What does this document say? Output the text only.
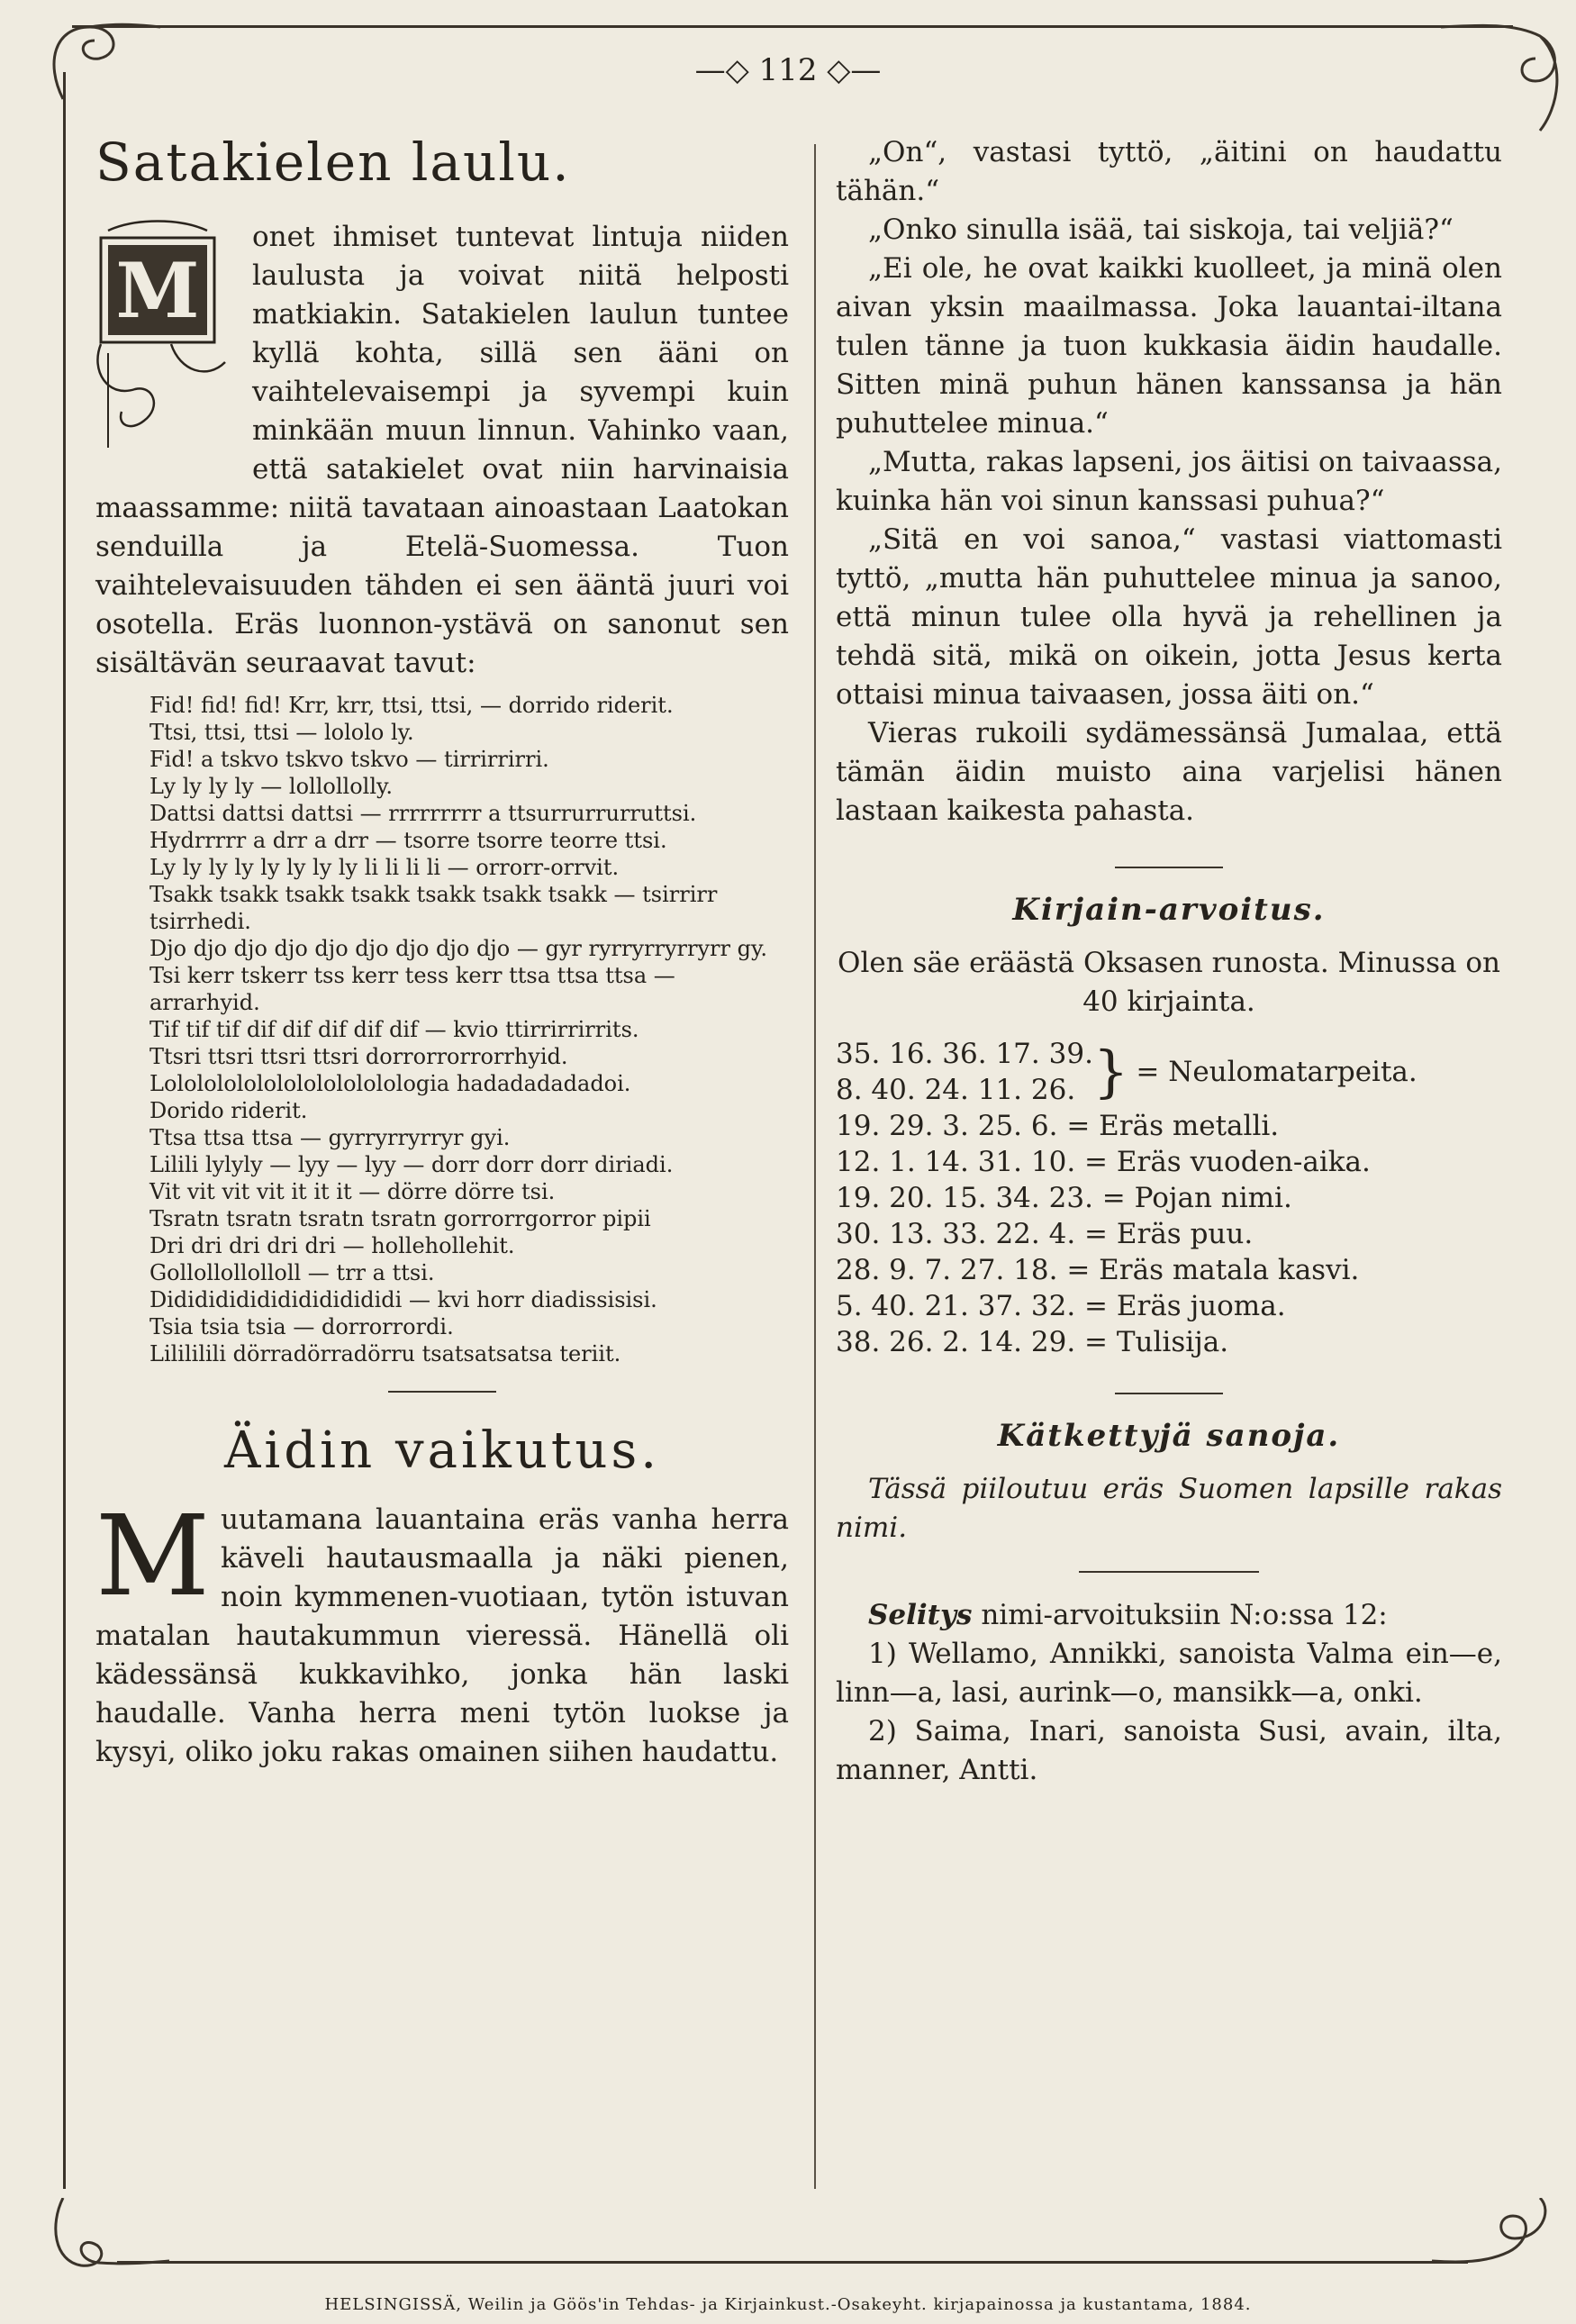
—◇ 112 ◇—
Satakielen laulu.
M

onet ihmiset tuntevat lintuja niiden laulusta ja voivat niitä helposti matkiakin. Satakielen laulun tuntee kyllä kohta, sillä sen ääni on vaihtelevaisempi ja syvempi kuin minkään muun linnun. Vahinko vaan, että satakielet ovat niin harvinaisia maassamme: niitä tavataan ainoastaan Laatokan senduilla ja Etelä-Suomessa. Tuon vaihtelevaisuuden tähden ei sen ääntä juuri voi osotella. Eräs luonnon-ystävä on sanonut sen sisältävän seuraavat tavut:

Fid! fid! fid! Krr, krr, ttsi, ttsi, — dorrido riderit.

Ttsi, ttsi, ttsi — lololo ly.

Fid! a tskvo tskvo tskvo — tirrirrirri.

Ly ly ly ly — lollollolly.

Dattsi dattsi dattsi — rrrrrrrrr a ttsurrurrurruttsi.

Hydrrrrr a drr a drr — tsorre tsorre teorre ttsi.

Ly ly ly ly ly ly ly ly li li li li — orrorr-orrvit.

Tsakk tsakk tsakk tsakk tsakk tsakk tsakk — tsirrirr tsirrhedi.

Djo djo djo djo djo djo djo djo djo — gyr ryrryrryrryrr gy.

Tsi kerr tskerr tss kerr tess kerr ttsa ttsa ttsa — arrarhyid.

Tif tif tif dif dif dif dif dif — kvio ttirrirrirrits.

Ttsri ttsri ttsri ttsri dorrorrorrorrhyid.

Lolololololololololololologia hadadadadadoi.

Dorido riderit.

Ttsa ttsa ttsa — gyrryrryrryr gyi.

Lilili lylyly — lyy — lyy — dorr dorr dorr diriadi.

Vit vit vit vit it it it — dörre dörre tsi.

Tsratn tsratn tsratn tsratn gorrorrgorror pipii

Dri dri dri dri dri — hollehollehit.

Gollollollolloll — trr a ttsi.

Didididididididididididi — kvi horr diadissisisi.

Tsia tsia tsia — dorrorrordi.

Lilililili dörradörradörru tsatsatsatsa teriit.

Äidin vaikutus.
M uutamana lauantaina eräs vanha herra käveli hautausmaalla ja näki pienen, noin kymmenen-vuotiaan, tytön istuvan matalan hautakummun vieressä. Hänellä oli kädessänsä kukkavihko, jonka hän laski haudalle. Vanha herra meni tytön luokse ja kysyi, oliko joku rakas omainen siihen haudattu.

„On“, vastasi tyttö, „äitini on haudattu tähän.“

„Onko sinulla isää, tai siskoja, tai veljiä?“

„Ei ole, he ovat kaikki kuolleet, ja minä olen aivan yksin maailmassa. Joka lauantai-iltana tulen tänne ja tuon kukkasia äidin haudalle. Sitten minä puhun hänen kanssansa ja hän puhuttelee minua.“

„Mutta, rakas lapseni, jos äitisi on taivaassa, kuinka hän voi sinun kanssasi puhua?“

„Sitä en voi sanoa,“ vastasi viattomasti tyttö, „mutta hän puhuttelee minua ja sanoo, että minun tulee olla hyvä ja rehellinen ja tehdä sitä, mikä on oikein, jotta Jesus kerta ottaisi minua taivaasen, jossa äiti on.“

Vieras rukoili sydämessänsä Jumalaa, että tämän äidin muisto aina varjelisi hänen lastaan kaikesta pahasta.

Kirjain-arvoitus.

Olen säe eräästä Oksasen runosta. Minussa on 40 kirjainta.

35. 16. 36. 17. 39.

8. 40. 24. 11. 26. } = Neulomatarpeita.

19. 29. 3. 25. 6. = Eräs metalli.

12. 1. 14. 31. 10. = Eräs vuoden-aika.

19. 20. 15. 34. 23. = Pojan nimi.

30. 13. 33. 22. 4. = Eräs puu.

28. 9. 7. 27. 18. = Eräs matala kasvi.

5. 40. 21. 37. 32. = Eräs juoma.

38. 26. 2. 14. 29. = Tulisija.

Kätkettyjä sanoja.

Tässä piiloutuu eräs Suomen lapsille rakas nimi.

Selitys nimi-arvoituksiin N:o:ssa 12:

1) Wellamo, Annikki, sanoista Valma ein—e, linn—a, lasi, aurink—o, mansikk—a, onki.

2) Saima, Inari, sanoista Susi, avain, ilta, manner, Antti.

HELSINGISSÄ, Weilin ja Göös'in Tehdas- ja Kirjainkust.-Osakeyht. kirjapainossa ja kustantama, 1884.
